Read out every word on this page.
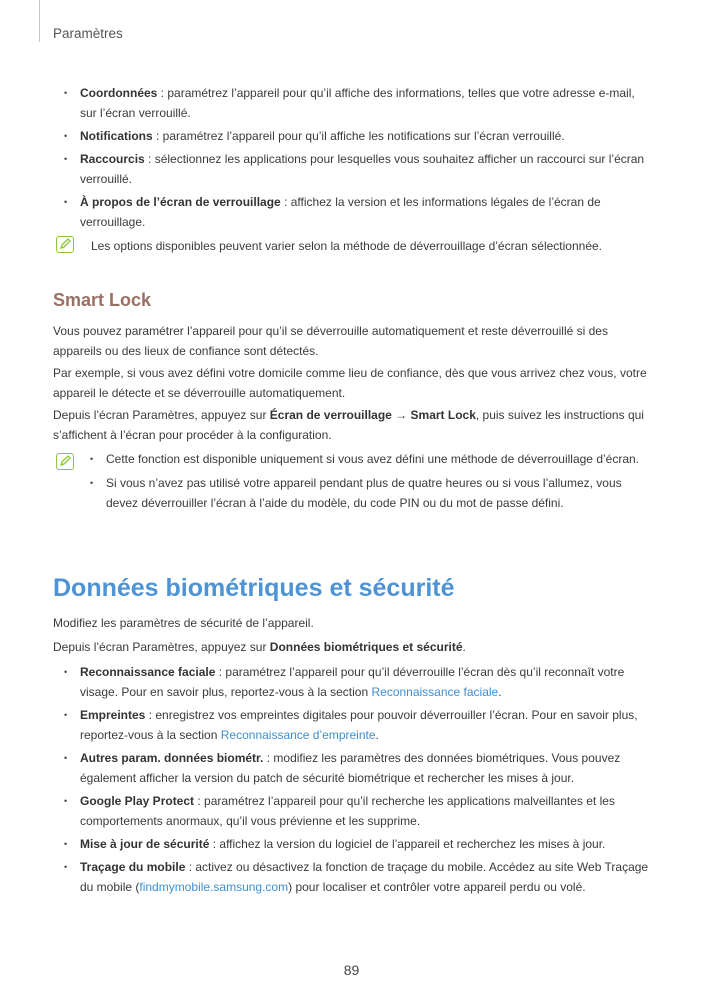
Paramètres
• Coordonnées : paramétrez l’appareil pour qu’il affiche des informations, telles que votre adresse e-mail, sur l’écran verrouillé.
• Notifications : paramétrez l’appareil pour qu’il affiche les notifications sur l’écran verrouillé.
• Raccourcis : sélectionnez les applications pour lesquelles vous souhaitez afficher un raccourci sur l’écran verrouillé.
• À propos de l’écran de verrouillage : affichez la version et les informations légales de l’écran de verrouillage.
Les options disponibles peuvent varier selon la méthode de déverrouillage d’écran sélectionnée.
Smart Lock

Vous pouvez paramétrer l’appareil pour qu’il se déverrouille automatiquement et reste déverrouillé si des appareils ou des lieux de confiance sont détectés.

Par exemple, si vous avez défini votre domicile comme lieu de confiance, dès que vous arrivez chez vous, votre appareil le détecte et se déverrouille automatiquement.

Depuis l’écran Paramètres, appuyez sur Écran de verrouillage → Smart Lock, puis suivez les instructions qui s’affichent à l’écran pour procéder à la configuration.

• Cette fonction est disponible uniquement si vous avez défini une méthode de déverrouillage d’écran.
• Si vous n’avez pas utilisé votre appareil pendant plus de quatre heures ou si vous l’allumez, vous devez déverrouiller l’écran à l’aide du modèle, du code PIN ou du mot de passe défini.
Données biométriques et sécurité

Modifiez les paramètres de sécurité de l’appareil.

Depuis l’écran Paramètres, appuyez sur Données biométriques et sécurité.

• Reconnaissance faciale : paramétrez l’appareil pour qu’il déverrouille l’écran dès qu’il reconnaît votre visage. Pour en savoir plus, reportez-vous à la section Reconnaissance faciale.
• Empreintes : enregistrez vos empreintes digitales pour pouvoir déverrouiller l’écran. Pour en savoir plus, reportez-vous à la section Reconnaissance d’empreinte.
• Autres param. données biométr. : modifiez les paramètres des données biométriques. Vous pouvez également afficher la version du patch de sécurité biométrique et rechercher les mises à jour.
• Google Play Protect : paramétrez l’appareil pour qu’il recherche les applications malveillantes et les comportements anormaux, qu’il vous prévienne et les supprime.
• Mise à jour de sécurité : affichez la version du logiciel de l’appareil et recherchez les mises à jour.
• Traçage du mobile : activez ou désactivez la fonction de traçage du mobile. Accédez au site Web Traçage du mobile (findmymobile.samsung.com) pour localiser et contrôler votre appareil perdu ou volé.
89
